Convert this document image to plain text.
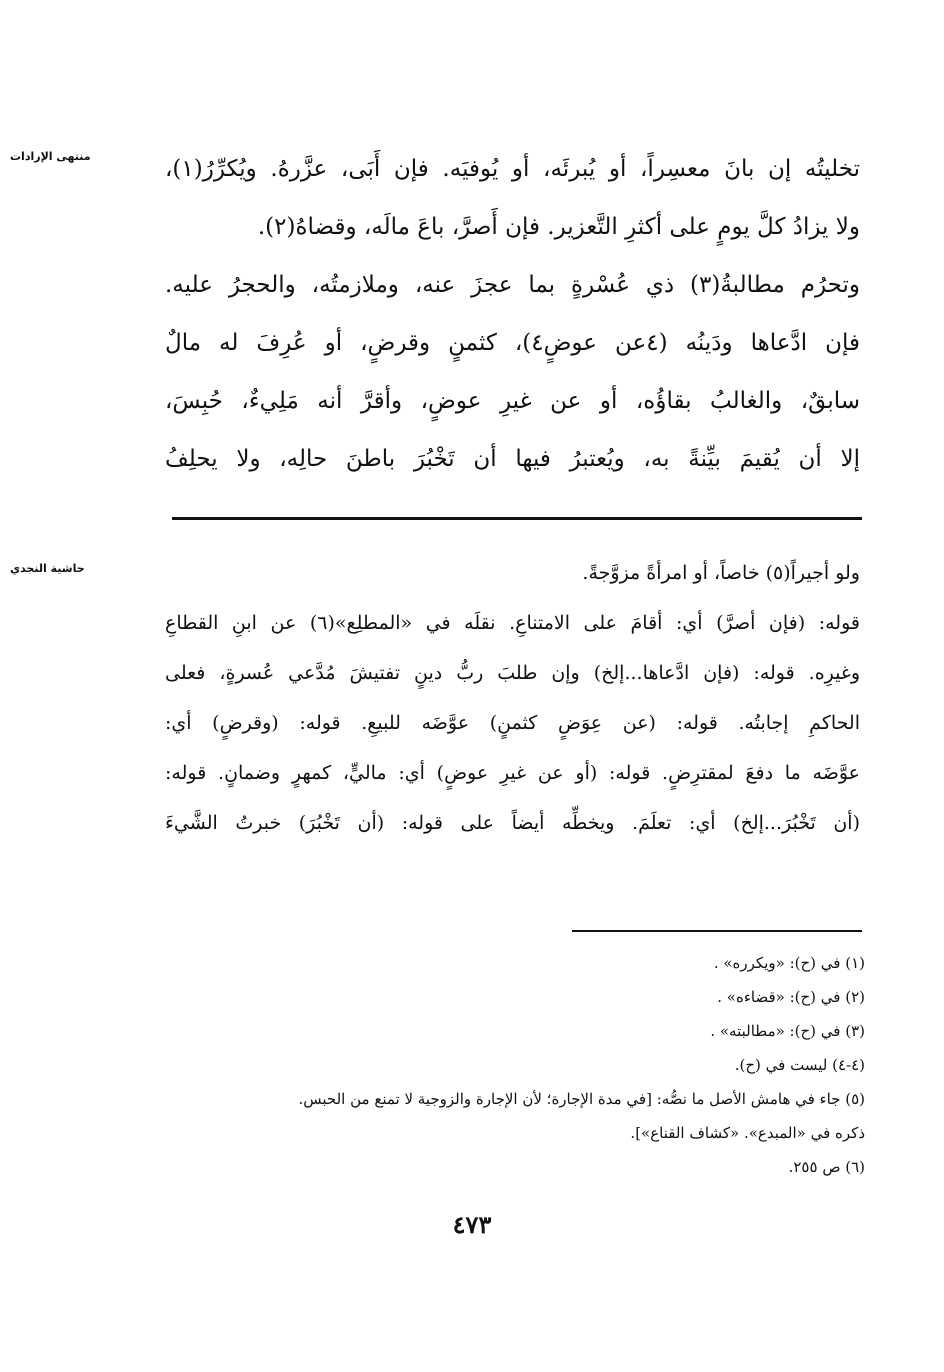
منتهى الإرادات	تخليتُه إن بانَ معسِراً، أو يُبرئَه، أو يُوفيَه. فإن أَبَى، عزَّرهُ. ويُكرِّرُ(١)،
ولا يزادُ كلَّ يومٍ على أكثرِ التَّعزير. فإن أَصرَّ، باعَ مالَه، وقضاهُ(٢).
وتحرُم مطالبةُ(٣) ذي عُسْرةٍ بما عجزَ عنه، وملازمتُه، والحجرُ عليه.
فإن ادَّعاها ودَينُه (٤عن عوضٍ٤)، كثمنٍ وقرضٍ، أو عُرِفَ له مالٌ
سابقٌ، والغالبُ بقاؤُه، أو عن غيرِ عوضٍ، وأقرَّ أنه مَلِيءٌ، حُبِسَ،
إلا أن يُقيمَ بيِّنةً به، ويُعتبرُ فيها أن تَخْبُرَ باطنَ حالِه، ولا يحلِفُ
حاشية النجدي	ولو أجيراً(٥) خاصاً، أو امرأةً مزوَّجةً.
قوله: (فإن أصرَّ) أي: أقامَ على الامتناعِ. نقلَه في «المطلِع»(٦) عن ابنِ القطاعِ
وغيرِه. قوله: (فإن ادَّعاها...إلخ) وإن طلبَ ربُّ دينٍ تفتيشَ مُدَّعي عُسرةٍ، فعلى
الحاكمِ إجابتُه. قوله: (عن عِوَضٍ كثمنٍ) عوَّضَه للبيعِ. قوله: (وقرضٍ) أي:
عوَّضَه ما دفعَ لمقترِضٍ. قوله: (أو عن غيرِ عوضٍ) أي: ماليٍّ، كمهرٍ وضمانٍ. قوله:
(أن تَخْبُرَ...إلخ) أي: تعلَمَ. ويخطِّه أيضاً على قوله: (أن تَخْبُرَ) خبرتُ الشَّيءَ
(١) في (ح): «ويكرره» .
(٢) في (ح): «قضاءه» .
(٣) في (ح): «مطالبته» .
(٤-٤) ليست في (ح).
(٥) جاء في هامش الأصل ما نصُّه: [في مدة الإجارة؛ لأن الإجارة والزوجية لا تمنع من الحبس.
ذكره في «المبدع». «كشاف القناع»].
(٦) ص ٢٥٥.
٤٧٣
